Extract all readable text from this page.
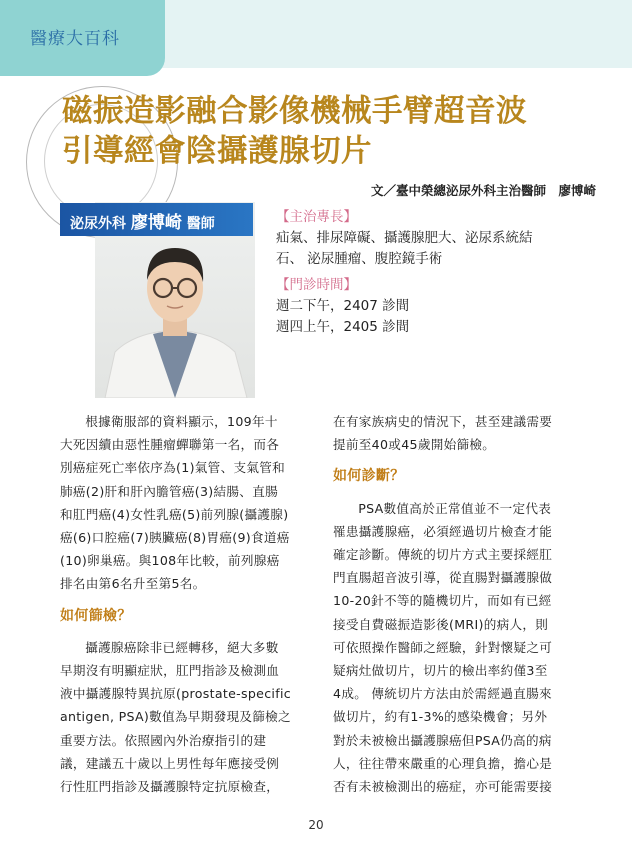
醫療大百科
磁振造影融合影像機械手臂超音波
引導經會陰攝護腺切片
文／臺中榮總泌尿外科主治醫師　廖博崎
泌尿外科 廖博崎 醫師	【主治專長】
疝氣、排尿障礙、攝護腺肥大、泌尿系統結
石、 泌尿腫瘤、腹腔鏡手術
【門診時間】
週二下午，2407 診間
週四上午，2405 診間

根據衛服部的資料顯示，109年十

大死因續由惡性腫瘤蟬聯第一名，而各

別癌症死亡率依序為(1)氣管、支氣管和

肺癌(2)肝和肝內膽管癌(3)結腸、直腸

和肛門癌(4)女性乳癌(5)前列腺(攝護腺)

癌(6)口腔癌(7)胰臟癌(8)胃癌(9)食道癌

(10)卵巢癌。與108年比較，前列腺癌

排名由第6名升至第5名。

如何篩檢？

攝護腺癌除非已經轉移，絕大多數

早期沒有明顯症狀，肛門指診及檢測血

液中攝護腺特異抗原(prostate-specific

antigen, PSA)數值為早期發現及篩檢之

重要方法。依照國內外治療指引的建

議，建議五十歲以上男性每年應接受例

行性肛門指診及攝護腺特定抗原檢查，

在有家族病史的情況下，甚至建議需要

提前至40或45歲開始篩檢。

如何診斷？

PSA數值高於正常值並不一定代表

罹患攝護腺癌，必須經過切片檢查才能

確定診斷。傳統的切片方式主要採經肛

門直腸超音波引導，從直腸對攝護腺做

10-20針不等的隨機切片，而如有已經

接受自費磁振造影後(MRI)的病人，則

可依照操作醫師之經驗，針對懷疑之可

疑病灶做切片，切片的檢出率約僅3至

4成。 傳統切片方法由於需經過直腸來

做切片，約有1-3%的感染機會；另外

對於未被檢出攝護腺癌但PSA仍高的病

人，往往帶來嚴重的心理負擔，擔心是

否有未被檢測出的癌症，亦可能需要接

20
